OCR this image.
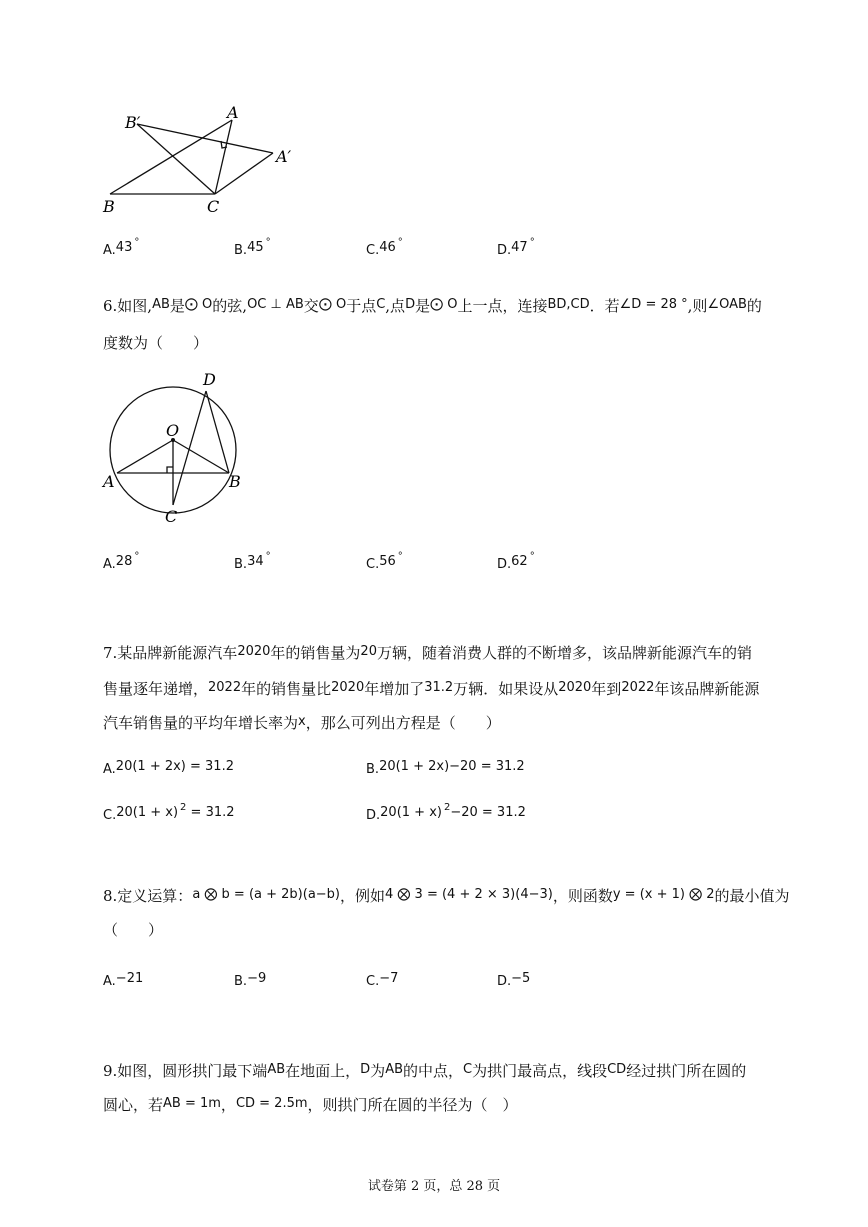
B′
A
A′
B	C
A.43 °
B.45 °
C.46 °
D.47 °
6.如图,AB是⨀ O的弦,OC ⊥ AB交⨀ O于点C,点D是⨀ O上一点，连接BD,CD．若∠D = 28 °,则∠OAB的
度数为（　　）
D
O
A	B
C
A.28 °
B.34 °
C.56 °
D.62 °
7.某品牌新能源汽车2020年的销售量为20万辆，随着消费人群的不断增多，该品牌新能源汽车的销
售量逐年递增，2022年的销售量比2020年增加了31.2万辆．如果设从2020年到2022年该品牌新能源
汽车销售量的平均年增长率为x，那么可列出方程是（　　）
A.20(1 + 2x) = 31.2	B.20(1 + 2x)−20 = 31.2
C.20(1 + x) $^2$ = 31.2	D.20(1 + x) $^2$−20 = 31.2
8.定义运算：a ⨂ b = (a + 2b)(a−b)，例如4 ⨂ 3 = (4 + 2 × 3)(4−3)，则函数y = (x + 1) ⨂ 2的最小值为
（　　）
A.−21	B.−9	C.−7	D.−5
9.如图，圆形拱门最下端AB在地面上，D为AB的中点，C为拱门最高点，线段CD经过拱门所在圆的
圆心，若AB = 1m，CD = 2.5m，则拱门所在圆的半径为（　）
试卷第 2 页，总 28 页
